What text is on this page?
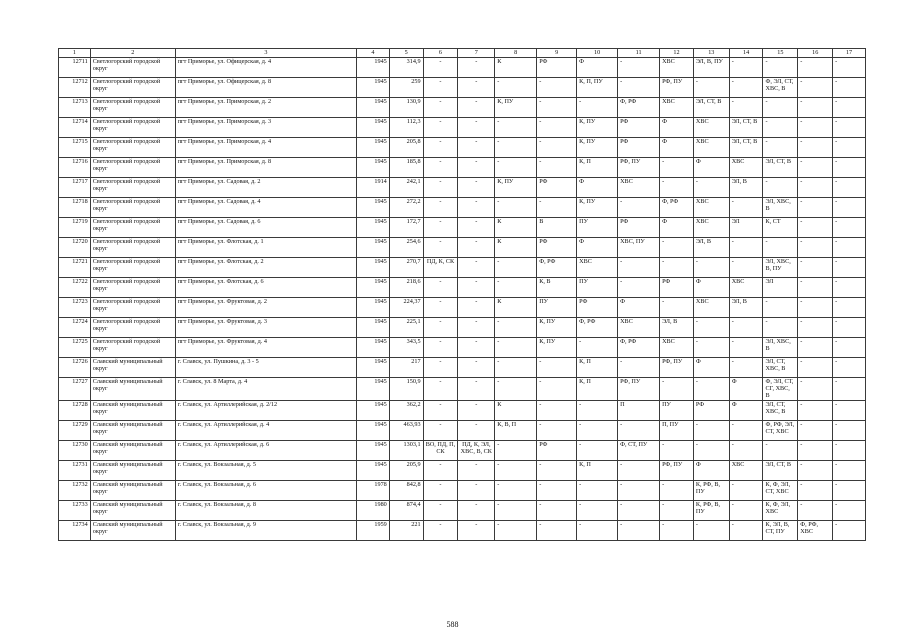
1	2	3	4	5	6	7	8	9	10	11	12	13	14	15	16	17
12711	Светлогорский городской округ	пгт Приморье, ул. Офицерская, д. 4	1945	314,9	-	-	К	РФ	Ф	-	ХВС	ЭЛ, В, ПУ	-	-	-	-
12712	Светлогорский городской округ	пгт Приморье, ул. Офицерская, д. 8	1945	259	-	-	-	-	К, П, ПУ	-	РФ, ПУ	-	-	Ф, ЭЛ, СТ, ХВС, В	-	-
12713	Светлогорский городской округ	пгт Приморье, ул. Приморская, д. 2	1945	130,9	-	-	К, ПУ	-	-	Ф, РФ	ХВС	ЭЛ, СТ, В	-	-	-	-
12714	Светлогорский городской округ	пгт Приморье, ул. Приморская, д. 3	1945	112,3	-	-	-	-	К, ПУ	РФ	Ф	ХВС	ЭЛ, СТ, В	-	-	-
12715	Светлогорский городской округ	пгт Приморье, ул. Приморская, д. 4	1945	205,8	-	-	-	-	К, ПУ	РФ	Ф	ХВС	ЭЛ, СТ, В	-	-	-
12716	Светлогорский городской округ	пгт Приморье, ул. Приморская, д. 8	1945	185,8	-	-	-	-	К, П	РФ, ПУ	-	Ф	ХВС	ЭЛ, СТ, В	-	-
12717	Светлогорский городской округ	пгт Приморье, ул. Садовая, д. 2	1914	242,1	-	-	К, ПУ	РФ	Ф	ХВС	-	-	ЭЛ, В	-	-	-
12718	Светлогорский городской округ	пгт Приморье, ул. Садовая, д. 4	1945	272,2	-	-	-	-	К, ПУ	-	Ф, РФ	ХВС	-	ЭЛ, ХВС, В	-	-
12719	Светлогорский городской округ	пгт Приморье, ул. Садовая, д. 6	1945	172,7	-	-	К	В	ПУ	РФ	Ф	ХВС	ЭЛ	К, СТ	-	-
12720	Светлогорский городской округ	пгт Приморье, ул. Флотская, д. 1	1945	254,6	-	-	К	РФ	Ф	ХВС, ПУ	-	ЭЛ, В	-	-	-	-
12721	Светлогорский городской округ	пгт Приморье, ул. Флотская, д. 2	1945	270,7	ПД, К, СК	-	-	Ф, РФ	ХВС	-	-	-	-	ЭЛ, ХВС, В, ПУ	-	-
12722	Светлогорский городской округ	пгт Приморье, ул. Флотская, д. 6	1945	218,6	-	-	-	К, В	ПУ	-	РФ	Ф	ХВС	ЭЛ	-	-
12723	Светлогорский городской округ	пгт Приморье, ул. Фруктовая, д. 2	1945	224,37	-	-	К	ПУ	РФ	Ф	-	ХВС	ЭЛ, В	-	-	-
12724	Светлогорский городской округ	пгт Приморье, ул. Фруктовая, д. 3	1945	225,1	-	-	-	К, ПУ	Ф, РФ	ХВС	ЭЛ, В	-	-	-	-	-
12725	Светлогорский городской округ	пгт Приморье, ул. Фруктовая, д. 4	1945	343,5	-	-	-	К, ПУ	-	Ф, РФ	ХВС	-	-	ЭЛ, ХВС, В	-	-
12726	Славский муниципальный округ	г. Славск, ул. Пушкина, д. 3 - 5	1945	217	-	-	-	-	К, П	-	РФ, ПУ	Ф	-	ЭЛ, СТ, ХВС, В	-	-
12727	Славский муниципальный округ	г. Славск, ул. 8 Марта, д. 4	1945	150,9	-	-	-	-	К, П	РФ, ПУ	-	-	Ф	Ф, ЭЛ, СТ, СГ, ХВС, В	-	-
12728	Славский муниципальный округ	г. Славск, ул. Артиллерийская, д. 2/12	1945	362,2	-	-	К	-	-	П	ПУ	РФ	Ф	ЭЛ, СТ, ХВС, В	-	-
12729	Славский муниципальный округ	г. Славск, ул. Артиллерийская, д. 4	1945	463,93	-	-	К, В, П	-	-	-	П, ПУ	-	-	Ф, РФ, ЭЛ, СТ, ХВС	-	-
12730	Славский муниципальный округ	г. Славск, ул. Артиллерийская, д. 6	1945	1303,1	ВО, ПД, П, СК	ПД, К, ЭЛ, ХВС, В, СК	-	РФ	-	Ф, СТ, ПУ	-	-	-	-	-	-
12731	Славский муниципальный округ	г. Славск, ул. Вокзальная, д. 5	1945	205,9	-	-	-	-	К, П	-	РФ, ПУ	Ф	ХВС	ЭЛ, СТ, В	-	-
12732	Славский муниципальный округ	г. Славск, ул. Вокзальная, д. 6	1978	842,8	-	-	-	-	-	-	-	К, РФ, В, ПУ	-	К, Ф, ЭЛ, СТ, ХВС	-	-
12733	Славский муниципальный округ	г. Славск, ул. Вокзальная, д. 8	1980	874,4	-	-	-	-	-	-	-	К, РФ, В, ПУ	-	К, Ф, ЭЛ, ХВС	-	-
12734	Славский муниципальный округ	г. Славск, ул. Вокзальная, д. 9	1959	221	-	-	-	-	-	-	-	-	-	К, ЭЛ, В, СТ, ПУ	Ф, РФ, ХВС	-
588
